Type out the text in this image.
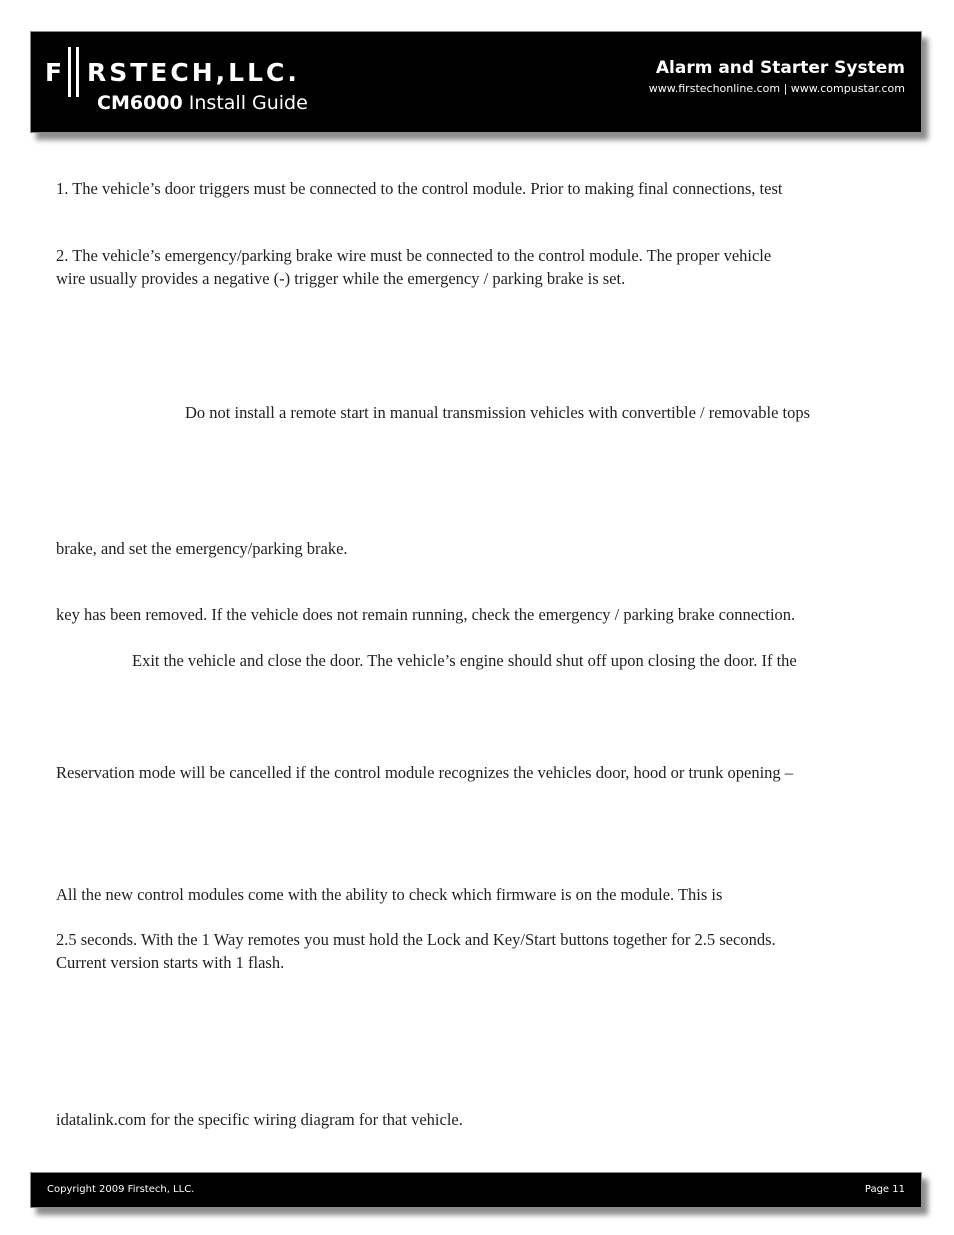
F RSTECH,LLC.
CM6000 Install Guide
Alarm and Starter System
www.firstechonline.com | www.compustar.com

1. The vehicle’s door triggers must be connected to the control module. Prior to making final connections, test

2. The vehicle’s emergency/parking brake wire must be connected to the control module. The proper vehicle

wire usually provides a negative (-) trigger while the emergency / parking brake is set.

Do not install a remote start in manual transmission vehicles with convertible / removable tops

brake, and set the emergency/parking brake.

key has been removed. If the vehicle does not remain running, check the emergency / parking brake connection.

Exit the vehicle and close the door. The vehicle’s engine should shut off upon closing the door. If the

Reservation mode will be cancelled if the control module recognizes the vehicles door, hood or trunk opening –

All the new control modules come with the ability to check which firmware is on the module. This is

2.5 seconds. With the 1 Way remotes you must hold the Lock and Key/Start buttons together for 2.5 seconds.

Current version starts with 1 flash.

idatalink.com for the specific wiring diagram for that vehicle.

Copyright 2009 Firstech, LLC.	Page 11
